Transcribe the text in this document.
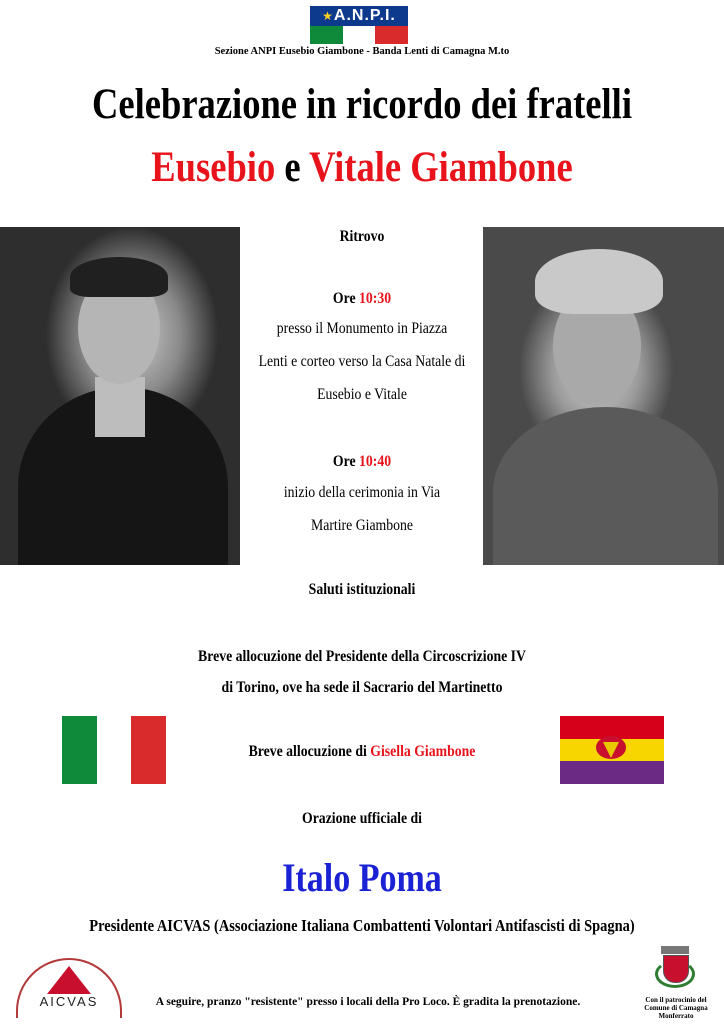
★A.N.P.I.
Sezione ANPI Eusebio Giambone - Banda Lenti di Camagna M.to
Celebrazione in ricordo dei fratelli
Eusebio e Vitale Giambone
Ritrovo
Ore 10:30
presso il Monumento in Piazza
Lenti e corteo verso la Casa Natale di
Eusebio e Vitale
Ore 10:40
inizio della cerimonia in Via
Martire Giambone
Saluti istituzionali
Breve allocuzione del Presidente della Circoscrizione IV
di Torino, ove ha sede il Sacrario del Martinetto
Breve allocuzione di Gisella Giambone
Orazione ufficiale di
Italo Poma
Presidente AICVAS (Associazione Italiana Combattenti Volontari Antifascisti di Spagna)
AICVAS	A seguire, pranzo "resistente" presso i locali della Pro Loco. È gradita la prenotazione.	Con il patrocinio del
Comune di Camagna
Monferrato
